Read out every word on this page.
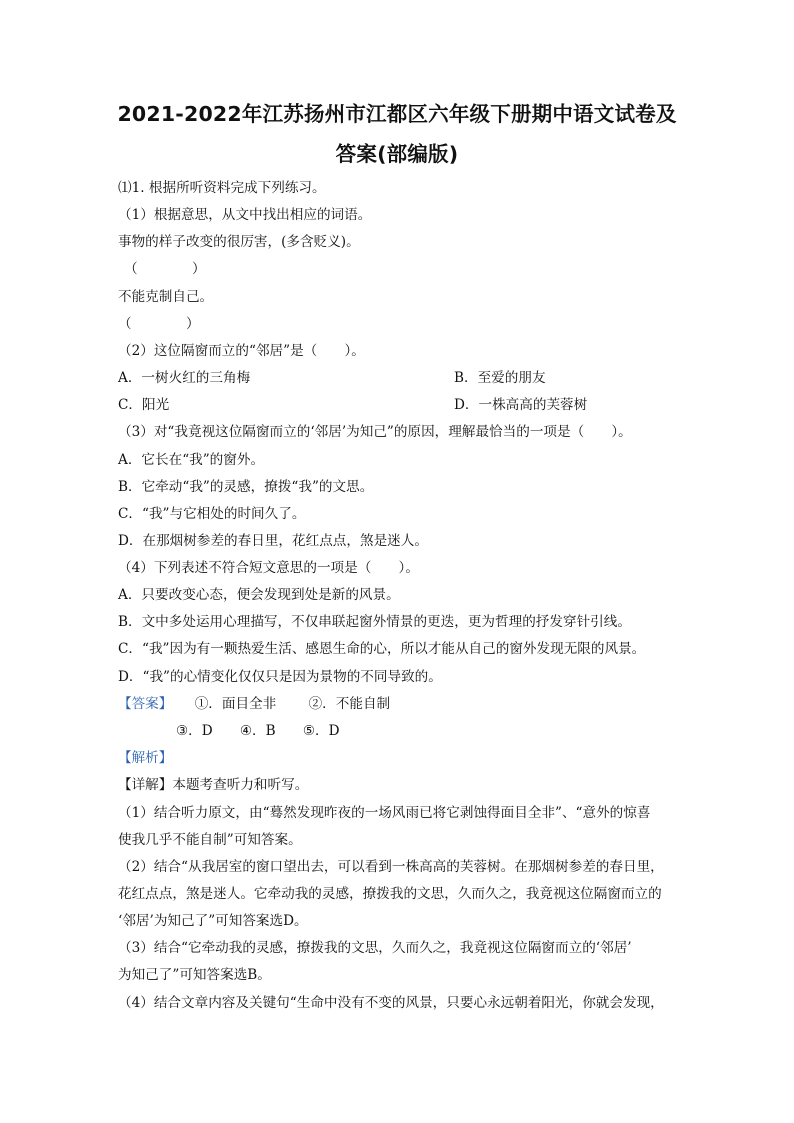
2021-2022年江苏扬州市江都区六年级下册期中语文试卷及
答案(部编版)
⑴1. 根据所听资料完成下列练习。
（1）根据意思，从文中找出相应的词语。
事物的样子改变的很厉害，(多含贬义)。
（　　　　）
不能克制自己。
（　　　　）
（2）这位隔窗而立的“邻居”是（　　）。
A．一树火红的三角梅	B．至爱的朋友
C．阳光	D．一株高高的芙蓉树
（3）对“我竟视这位隔窗而立的‘邻居’为知己”的原因，理解最恰当的一项是（　　）。
A．它长在“我”的窗外。
B．它牵动“我”的灵感，撩拨“我”的文思。
C．“我”与它相处的时间久了。
D．在那烟树参差的春日里，花红点点，煞是迷人。
（4）下列表述不符合短文意思的一项是（　　）。
A．只要改变心态，便会发现到处是新的风景。
B．文中多处运用心理描写，不仅串联起窗外情景的更迭，更为哲理的抒发穿针引线。
C．“我”因为有一颗热爱生活、感恩生命的心，所以才能从自己的窗外发现无限的风景。
D．“我”的心情变化仅仅只是因为景物的不同导致的。
【答案】 ①．面目全非 ②．不能自制
③．D　　④．B　　⑤．D
【解析】
【详解】本题考查听力和听写。
（1）结合听力原文，由“蓦然发现昨夜的一场风雨已将它剥蚀得面目全非”、“意外的惊喜
使我几乎不能自制”可知答案。
（2）结合“从我居室的窗口望出去，可以看到一株高高的芙蓉树。在那烟树参差的春日里，
花红点点，煞是迷人。它牵动我的灵感，撩拨我的文思，久而久之，我竟视这位隔窗而立的
‘邻居’为知己了”可知答案选D。
（3）结合“它牵动我的灵感，撩拨我的文思，久而久之，我竟视这位隔窗而立的‘邻居’
为知己了”可知答案选B。
（4）结合文章内容及关键句“生命中没有不变的风景，只要心永远朝着阳光，你就会发现，
